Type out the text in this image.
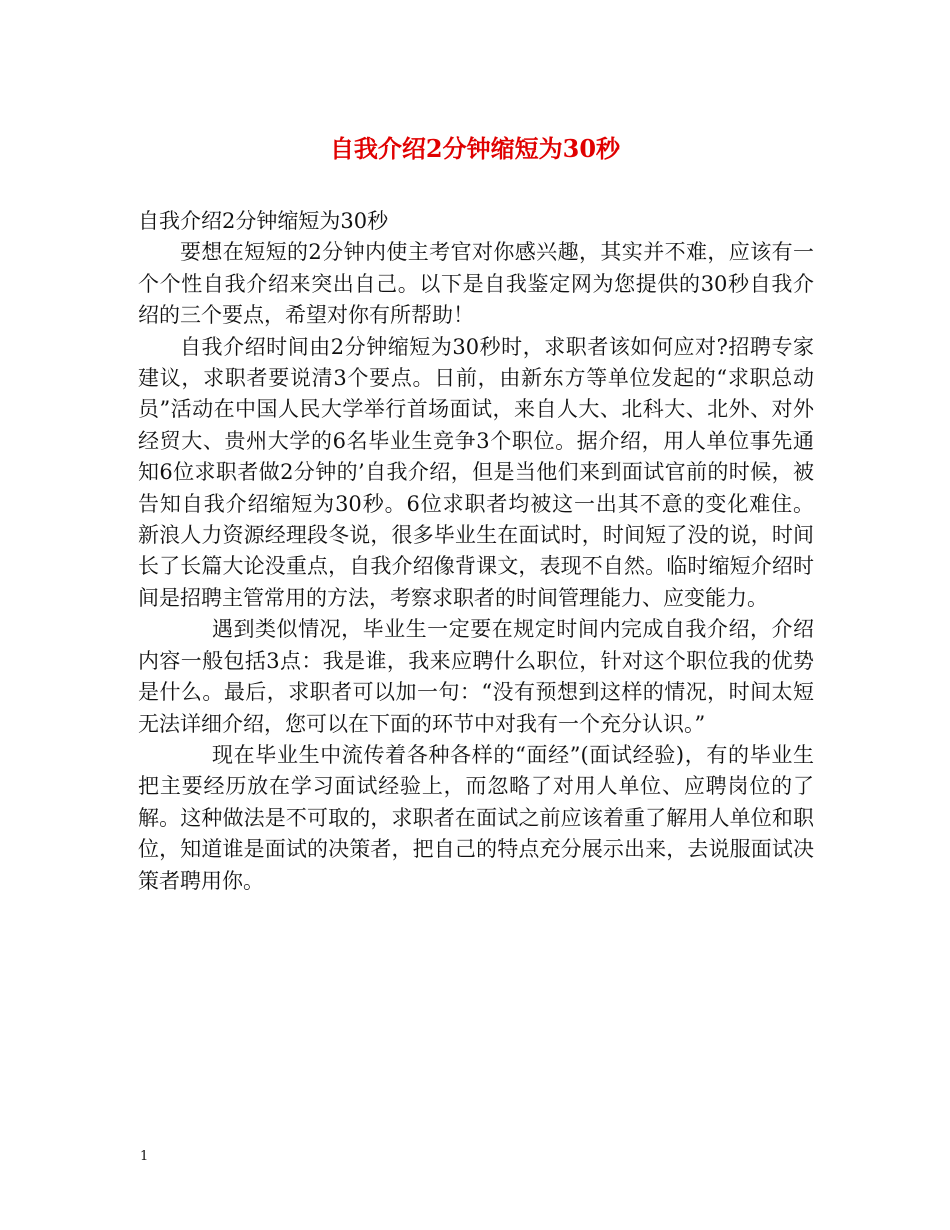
自我介绍2分钟缩短为30秒

自我介绍2分钟缩短为30秒

要想在短短的2分钟内使主考官对你感兴趣，其实并不难，应该有一个个性自我介绍来突出自己。以下是自我鉴定网为您提供的30秒自我介绍的三个要点，希望对你有所帮助！

自我介绍时间由2分钟缩短为30秒时，求职者该如何应对?招聘专家建议，求职者要说清3个要点。日前，由新东方等单位发起的“求职总动员”活动在中国人民大学举行首场面试，来自人大、北科大、北外、对外经贸大、贵州大学的6名毕业生竞争3个职位。据介绍，用人单位事先通知6位求职者做2分钟的’自我介绍，但是当他们来到面试官前的时候，被告知自我介绍缩短为30秒。6位求职者均被这一出其不意的变化难住。 新浪人力资源经理段冬说，很多毕业生在面试时，时间短了没的说，时间长了长篇大论没重点，自我介绍像背课文，表现不自然。临时缩短介绍时间是招聘主管常用的方法，考察求职者的时间管理能力、应变能力。

遇到类似情况，毕业生一定要在规定时间内完成自我介绍，介绍内容一般包括3点：我是谁，我来应聘什么职位，针对这个职位我的优势是什么。最后，求职者可以加一句：“没有预想到这样的情况，时间太短无法详细介绍，您可以在下面的环节中对我有一个充分认识。”

现在毕业生中流传着各种各样的“面经”(面试经验)，有的毕业生把主要经历放在学习面试经验上，而忽略了对用人单位、应聘岗位的了解。这种做法是不可取的，求职者在面试之前应该着重了解用人单位和职位，知道谁是面试的决策者，把自己的特点充分展示出来，去说服面试决策者聘用你。

1
